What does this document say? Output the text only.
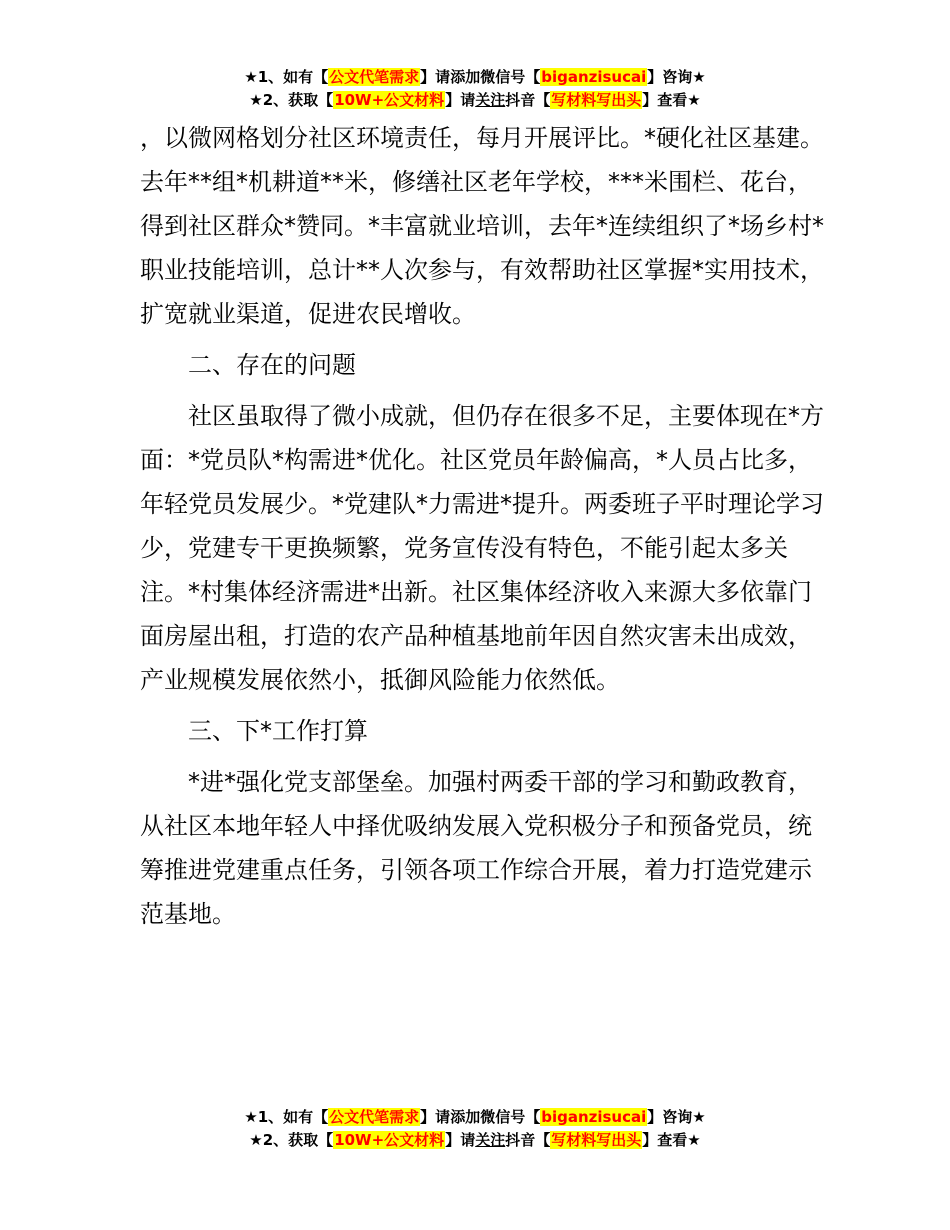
★1、如有【公文代笔需求】请添加微信号【biganzisucai】咨询★
★2、获取【10W+公文材料】请关注抖音【写材料写出头】查看★

，以微网格划分社区环境责任，每月开展评比。*硬化社区基建。去年**组*机耕道**米，修缮社区老年学校，***米围栏、花台，得到社区群众*赞同。*丰富就业培训，去年*连续组织了*场乡村*职业技能培训，总计**人次参与，有效帮助社区掌握*实用技术，扩宽就业渠道，促进农民增收。

二、存在的问题

社区虽取得了微小成就，但仍存在很多不足，主要体现在*方面：*党员队*构需进*优化。社区党员年龄偏高，*人员占比多，年轻党员发展少。*党建队*力需进*提升。两委班子平时理论学习少，党建专干更换频繁，党务宣传没有特色，不能引起太多关注。*村集体经济需进*出新。社区集体经济收入来源大多依靠门面房屋出租，打造的农产品种植基地前年因自然灾害未出成效，产业规模发展依然小，抵御风险能力依然低。

三、下*工作打算

*进*强化党支部堡垒。加强村两委干部的学习和勤政教育，从社区本地年轻人中择优吸纳发展入党积极分子和预备党员，统筹推进党建重点任务，引领各项工作综合开展，着力打造党建示范基地。

★1、如有【公文代笔需求】请添加微信号【biganzisucai】咨询★
★2、获取【10W+公文材料】请关注抖音【写材料写出头】查看★
